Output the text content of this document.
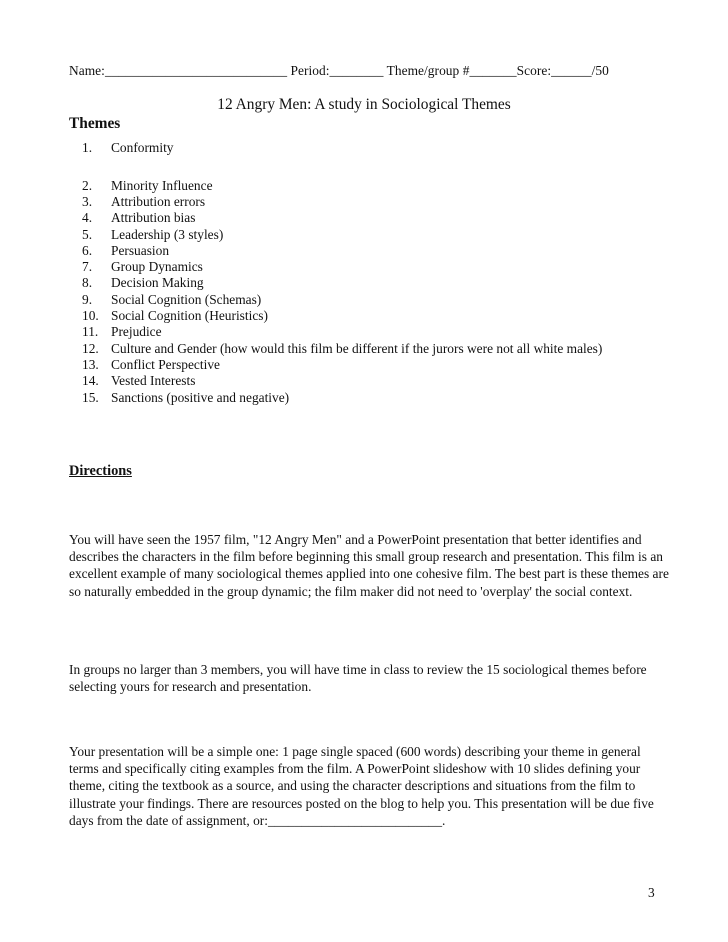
Name:___________________________ Period:________ Theme/group #_______Score:______/50
12 Angry Men: A study in Sociological Themes
Themes
1. Conformity
2. Minority Influence
3. Attribution errors
4. Attribution bias
5. Leadership (3 styles)
6. Persuasion
7. Group Dynamics
8. Decision Making
9. Social Cognition (Schemas)
10. Social Cognition (Heuristics)
11. Prejudice
12. Culture and Gender (how would this film be different if the jurors were not all white males)
13. Conflict Perspective
14. Vested Interests
15. Sanctions (positive and negative)
Directions
You will have seen the 1957 film, "12 Angry Men" and a PowerPoint presentation that better identifies and describes the characters in the film before beginning this small group research and presentation. This film is an excellent example of many sociological themes applied into one cohesive film. The best part is these themes are so naturally embedded in the group dynamic; the film maker did not need to 'overplay' the social context.
In groups no larger than 3 members, you will have time in class to review the 15 sociological themes before selecting yours for research and presentation.
Your presentation will be a simple one: 1 page single spaced (600 words) describing your theme in general terms and specifically citing examples from the film. A PowerPoint slideshow with 10 slides defining your theme, citing the textbook as a source, and using the character descriptions and situations from the film to illustrate your findings. There are resources posted on the blog to help you. This presentation will be due five days from the date of assignment, or:__________________________.
3
